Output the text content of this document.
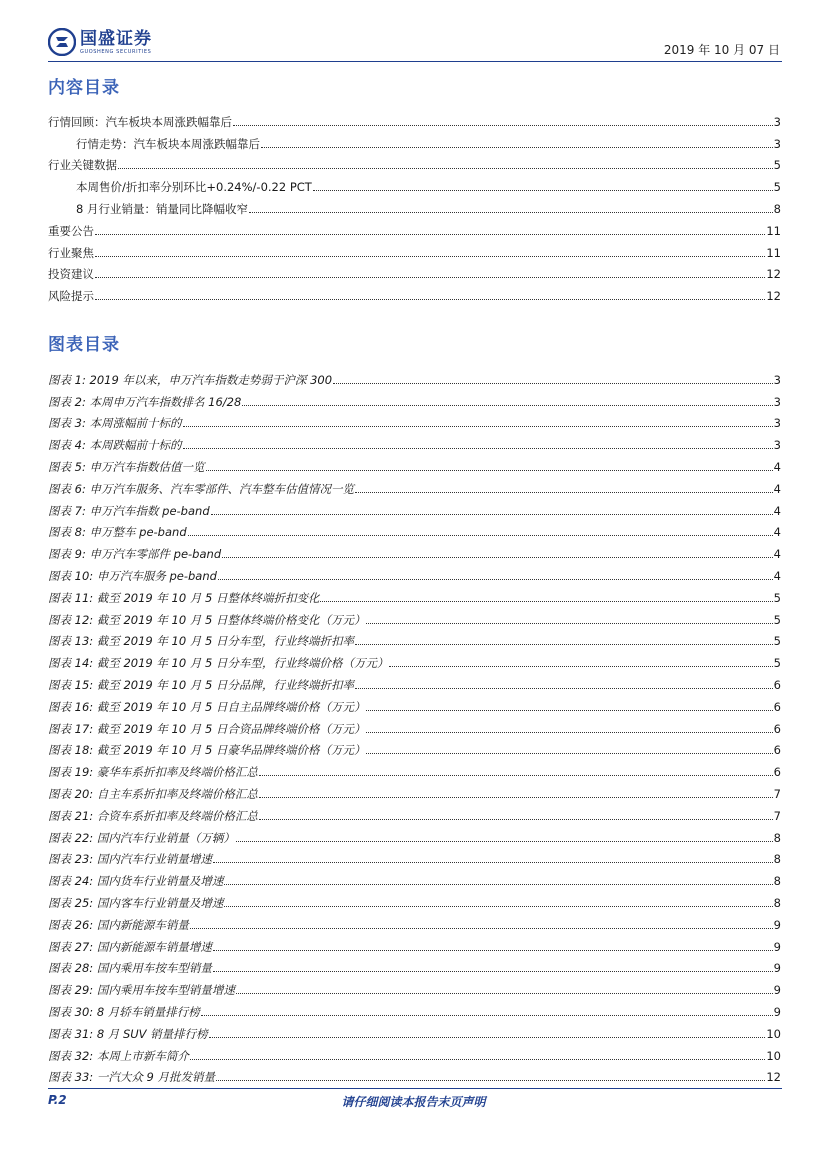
国盛证券
GUOSHENG SECURITIES	2019 年 10 月 07 日
内容目录
行情回顾：汽车板块本周涨跌幅靠后	3
行情走势：汽车板块本周涨跌幅靠后	3
行业关键数据	5
本周售价/折扣率分别环比+0.24%/-0.22 PCT	5
8 月行业销量：销量同比降幅收窄	8
重要公告	11
行业聚焦	11
投资建议	12
风险提示	12
图表目录
图表 1: 2019 年以来，申万汽车指数走势弱于沪深 300	3
图表 2: 本周申万汽车指数排名 16/28	3
图表 3: 本周涨幅前十标的	3
图表 4: 本周跌幅前十标的	3
图表 5: 申万汽车指数估值一览	4
图表 6: 申万汽车服务、汽车零部件、汽车整车估值情况一览	4
图表 7: 申万汽车指数 pe-band	4
图表 8: 申万整车 pe-band	4
图表 9: 申万汽车零部件 pe-band	4
图表 10: 申万汽车服务 pe-band	4
图表 11: 截至 2019 年 10 月 5 日整体终端折扣变化	5
图表 12: 截至 2019 年 10 月 5 日整体终端价格变化（万元）	5
图表 13: 截至 2019 年 10 月 5 日分车型，行业终端折扣率	5
图表 14: 截至 2019 年 10 月 5 日分车型，行业终端价格（万元）	5
图表 15: 截至 2019 年 10 月 5 日分品牌，行业终端折扣率	6
图表 16: 截至 2019 年 10 月 5 日自主品牌终端价格（万元）	6
图表 17: 截至 2019 年 10 月 5 日合资品牌终端价格（万元）	6
图表 18: 截至 2019 年 10 月 5 日豪华品牌终端价格（万元）	6
图表 19: 豪华车系折扣率及终端价格汇总	6
图表 20: 自主车系折扣率及终端价格汇总	7
图表 21: 合资车系折扣率及终端价格汇总	7
图表 22: 国内汽车行业销量（万辆）	8
图表 23: 国内汽车行业销量增速	8
图表 24: 国内货车行业销量及增速	8
图表 25: 国内客车行业销量及增速	8
图表 26: 国内新能源车销量	9
图表 27: 国内新能源车销量增速	9
图表 28: 国内乘用车按车型销量	9
图表 29: 国内乘用车按车型销量增速	9
图表 30: 8 月轿车销量排行榜	9
图表 31: 8 月 SUV 销量排行榜	10
图表 32: 本周上市新车简介	10
图表 33: 一汽大众 9 月批发销量	12
P.2	请仔细阅读本报告末页声明
